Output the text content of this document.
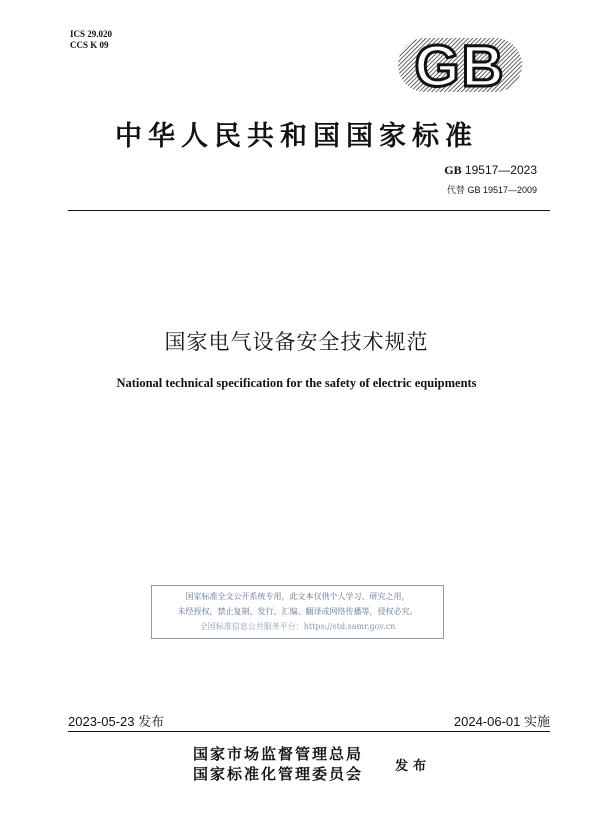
ICS 29.020
CCS K 09	GB
中华人民共和国国家标准
GB 19517—2023
代替 GB 19517—2009
国家电气设备安全技术规范
National technical specification for the safety of electric equipments
国家标准全文公开系统专用，此文本仅供个人学习、研究之用，
未经授权，禁止复制、发行、汇编、翻译或网络传播等，侵权必究。
全国标准信息公共服务平台：https://std.samr.gov.cn
2023-05-23 发布	2024-06-01 实施
国家市场监督管理总局
国家标准化管理委员会 发布
